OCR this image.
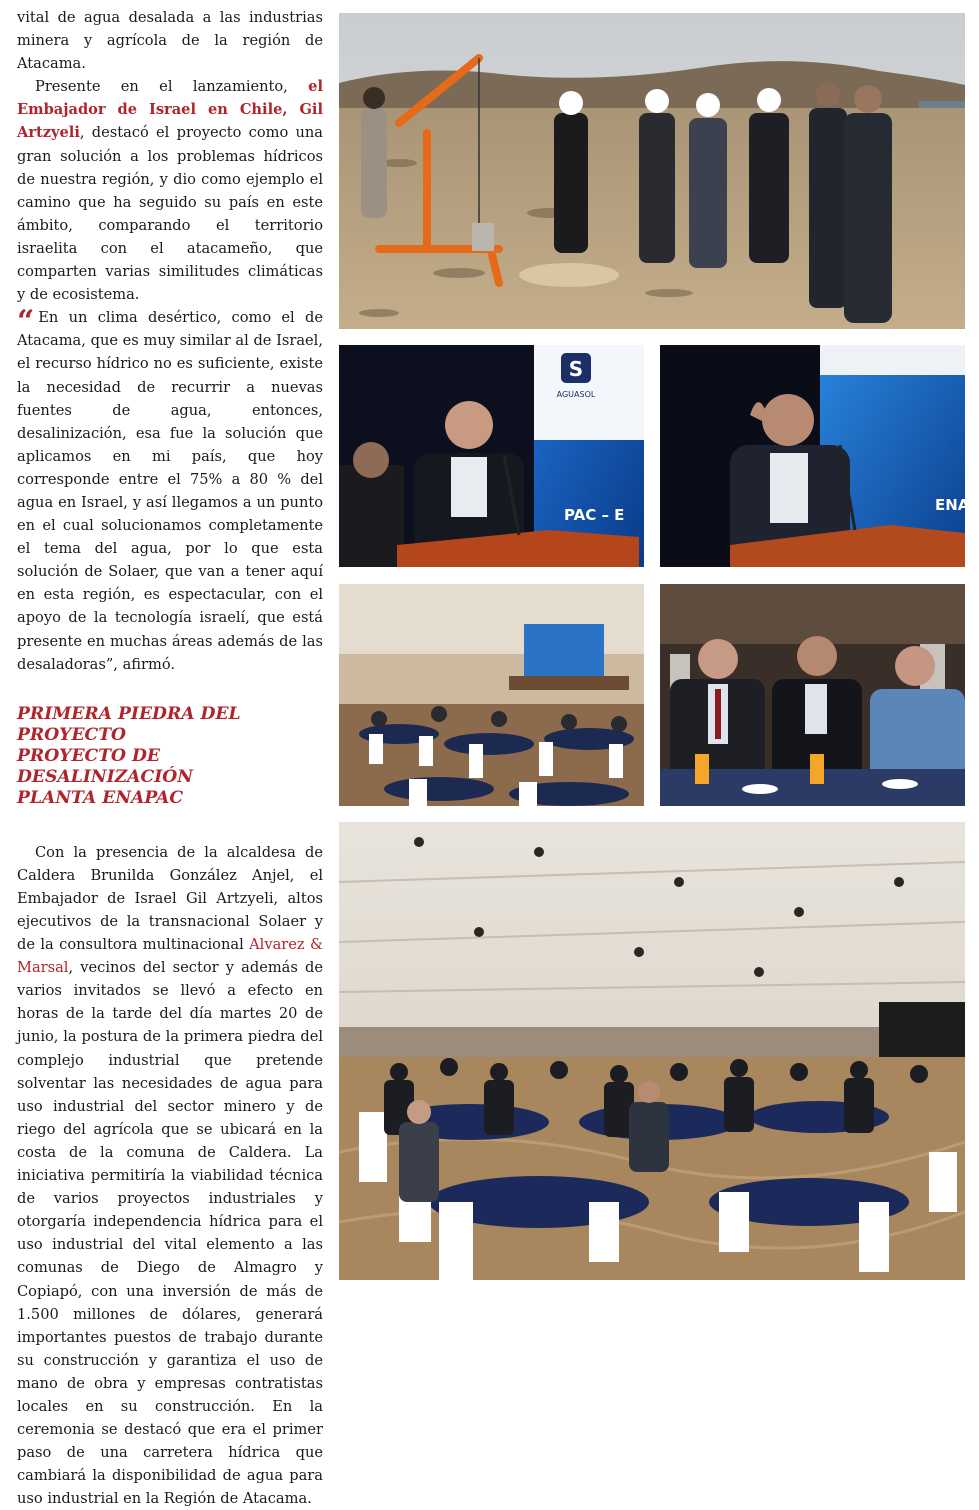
vital de agua desalada a las industrias minera y agrícola de la región de Atacama.

Presente en el lanzamiento, el Embajador de Israel en Chile, Gil Artzyeli, destacó el proyecto como una gran solución a los problemas hídricos de nuestra región, y dio como ejemplo el camino que ha seguido su país en este ámbito, comparando el territorio israelita con el atacameño, que comparten varias similitudes climáticas y de ecosistema.

“ En un clima desértico, como el de Atacama, que es muy similar al de Israel, el recurso hídrico no es suficiente, existe la necesidad de recurrir a nuevas fuentes de agua, entonces, desalinización, esa fue la solución que aplicamos en mi país, que hoy corresponde entre el 75% a 80 % del agua en Israel, y así llegamos a un punto en el cual solucionamos completamente el tema del agua, por lo que esta solución de Solaer, que van a tener aquí en esta región, es espectacular, con el apoyo de la tecnología israelí, que está presente en muchas áreas además de las desaladoras”, afirmó.

PRIMERA PIEDRA DEL PROYECTO
PROYECTO DE DESALINIZACIÓN
PLANTA ENAPAC

Con la presencia de la alcaldesa de Caldera Brunilda González Anjel, el Embajador de Israel Gil Artzyeli, altos ejecutivos de la transnacional Solaer y de la consultora multinacional Alvarez & Marsal, vecinos del sector y además de varios invitados se llevó a efecto en horas de la tarde del día martes 20 de junio, la postura de la primera piedra del complejo industrial que pretende solventar las necesidades de agua para uso industrial del sector minero y de riego del agrícola que se ubicará en la costa de la comuna de Caldera. La iniciativa permitiría la viabilidad técnica de varios proyectos industriales y otorgaría independencia hídrica para el uso industrial del vital elemento a las comunas de Diego de Almagro y Copiapó, con una inversión de más de 1.500 millones de dólares, generará importantes puestos de trabajo durante su construcción y garantiza el uso de mano de obra y empresas contratistas locales en su construcción. En la ceremonia se destacó que era el primer paso de una carretera hídrica que cambiará la disponibilidad de agua para uso industrial en la Región de Atacama.

S
AGUASOL
PAC – E
ENA
